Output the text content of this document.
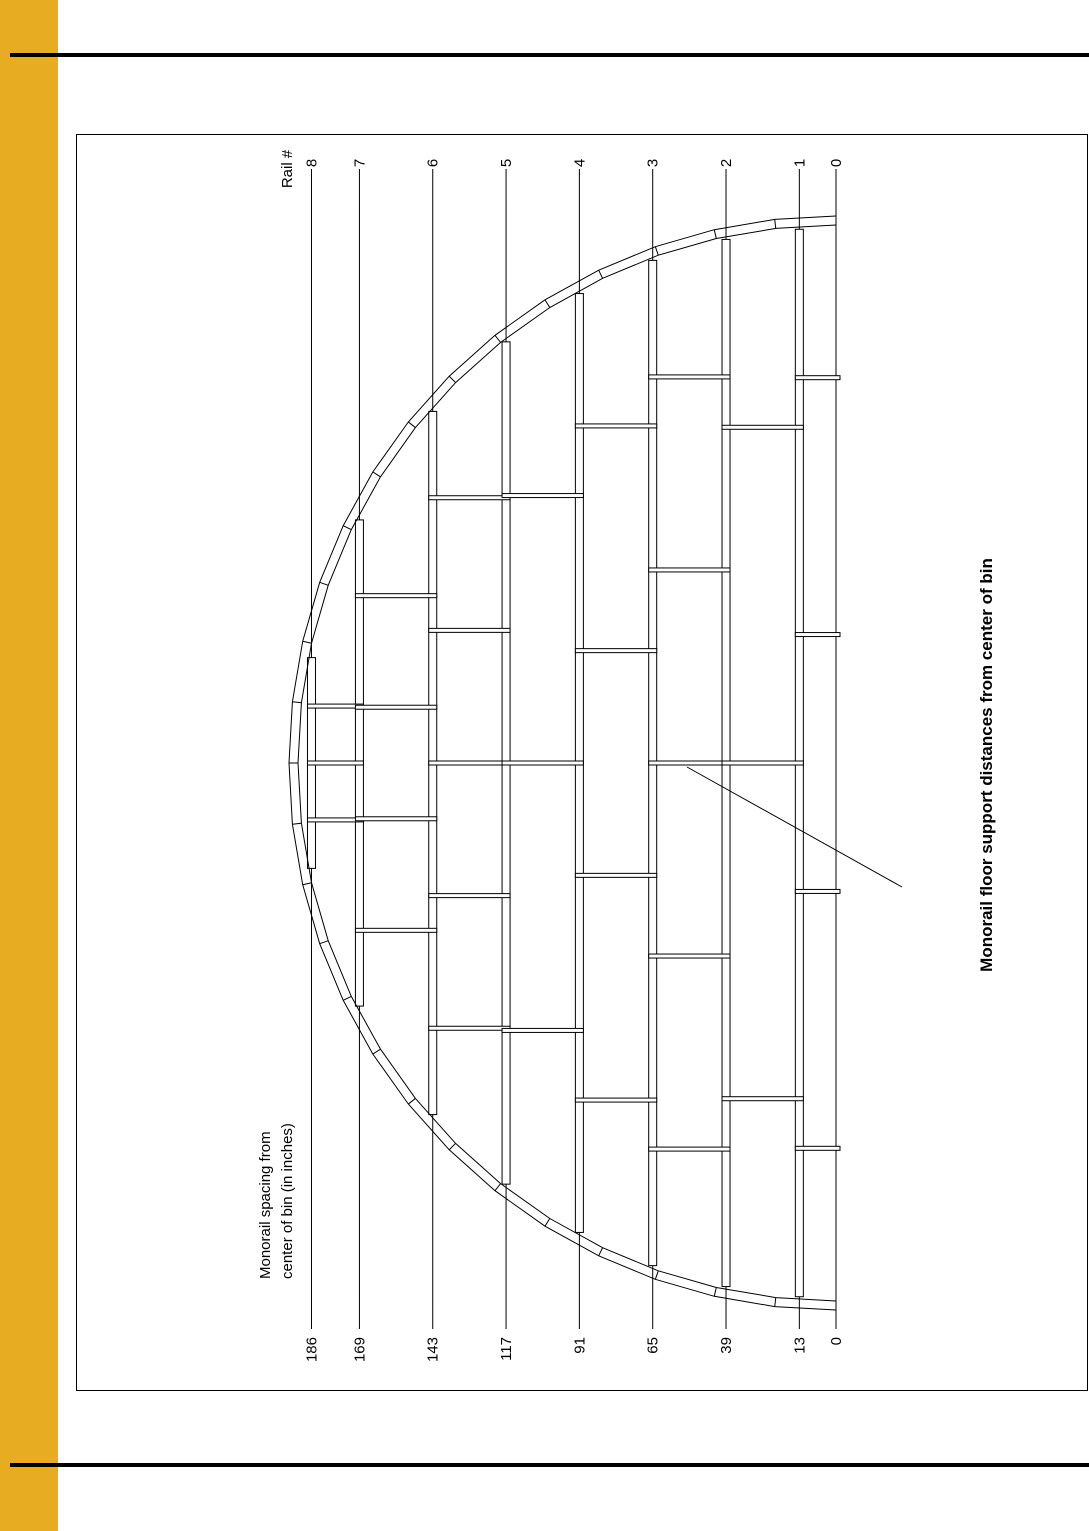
Rail #
Monorail spacing from center of bin (in inches)
Monorail floor support distances from center of bin
8
186
7
169
6
143
5
117
4
91
3
65
2
39
1
13
0
0
